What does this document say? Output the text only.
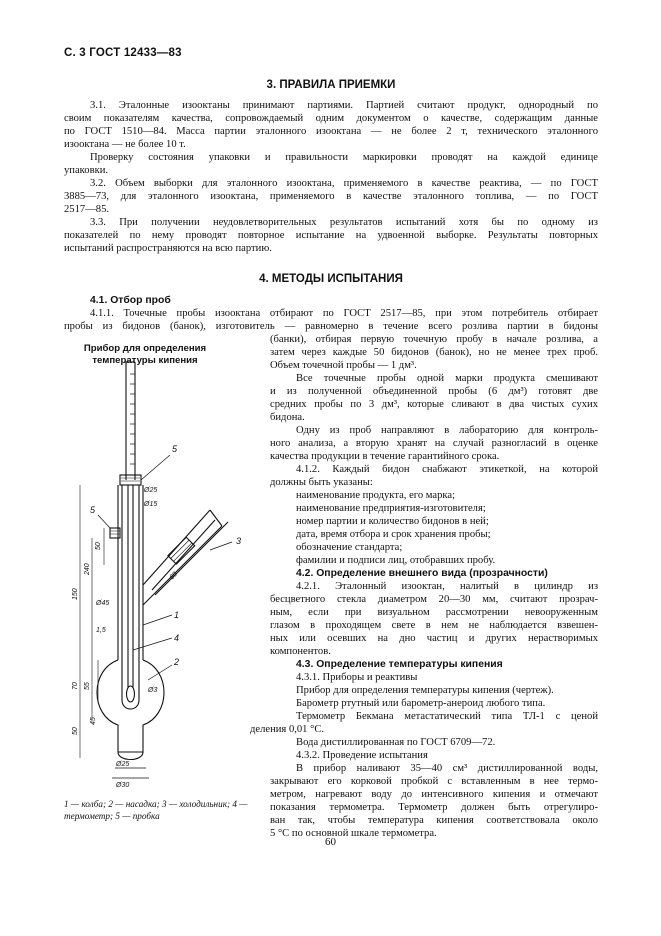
С. 3 ГОСТ 12433—83
3. ПРАВИЛА ПРИЕМКИ
3.1. Эталонные изооктаны принимают партиями. Партией считают продукт, однородный по
своим показателям качества, сопровождаемый одним документом о качестве, содержащим данные
по ГОСТ 1510—84. Масса партии эталонного изооктана — не более 2 т, технического эталонного
изооктана — не более 10 т.
Проверку состояния упаковки и правильности маркировки проводят на каждой единице
упаковки.
3.2. Объем выборки для эталонного изооктана, применяемого в качестве реактива, — по ГОСТ
3885—73, для эталонного изооктана, применяемого в качестве эталонного топлива, — по ГОСТ
2517—85.
3.3. При получении неудовлетворительных результатов испытаний хотя бы по одному из
показателей по нему проводят повторное испытание на удвоенной выборке. Результаты повторных
испытаний распространяются на всю партию.
4. МЕТОДЫ ИСПЫТАНИЯ
4.1. Отбор проб
4.1.1. Точечные пробы изооктана отбирают по ГОСТ 2517—85, при этом потребитель отбирает
пробы из бидонов (банок), изготовитель — равномерно в течение всего розлива партии в бидоны
Прибор для определения температуры кипения
5
5
3
1
4
2
Ø25
Ø15
Ø45
1,5
Ø3
Ø25
Ø30
50
240
150
70 55
45
50
60
1 — колба; 2 — насадка; 3 — холодильник; 4 — термометр; 5 — пробка
(банки), отбирая первую точечную пробу в начале розлива, а
затем через каждые 50 бидонов (банок), но не менее трех проб.
Объем точечной пробы — 1 дм³.
Все точечные пробы одной марки продукта смешивают
и из полученной объединенной пробы (6 дм³) готовят две
средних пробы по 3 дм³, которые сливают в два чистых сухих
бидона.
Одну из проб направляют в лабораторию для контроль-
ного анализа, а вторую хранят на случай разногласий в оценке
качества продукции в течение гарантийного срока.
4.1.2. Каждый бидон снабжают этикеткой, на которой
должны быть указаны:
наименование продукта, его марка;
наименование предприятия-изготовителя;
номер партии и количество бидонов в ней;
дата, время отбора и срок хранения пробы;
обозначение стандарта;
фамилии и подписи лиц, отобравших пробу.
4.2. Определение внешнего вида (прозрачности)
4.2.1. Эталонный изооктан, налитый в цилиндр из
бесцветного стекла диаметром 20—30 мм, считают прозрач-
ным, если при визуальном рассмотрении невооруженным
глазом в проходящем свете в нем не наблюдается взвешен-
ных или осевших на дно частиц и других нерастворимых
компонентов.
4.3. Определение температуры кипения
4.3.1. Приборы и реактивы
Прибор для определения температуры кипения (чертеж).
Барометр ртутный или барометр-анероид любого типа.
Термометр Бекмана метастатический типа ТЛ-1 с ценой
деления 0,01 °С.
Вода дистиллированная по ГОСТ 6709—72.
4.3.2. Проведение испытания
В прибор наливают 35—40 см³ дистиллированной воды,
закрывают его корковой пробкой с вставленным в нее термо-
метром, нагревают воду до интенсивного кипения и отмечают
показания термометра. Термометр должен быть отрегулиро-
ван так, чтобы температура кипения соответствовала около
5 °С по основной шкале термометра.
60
